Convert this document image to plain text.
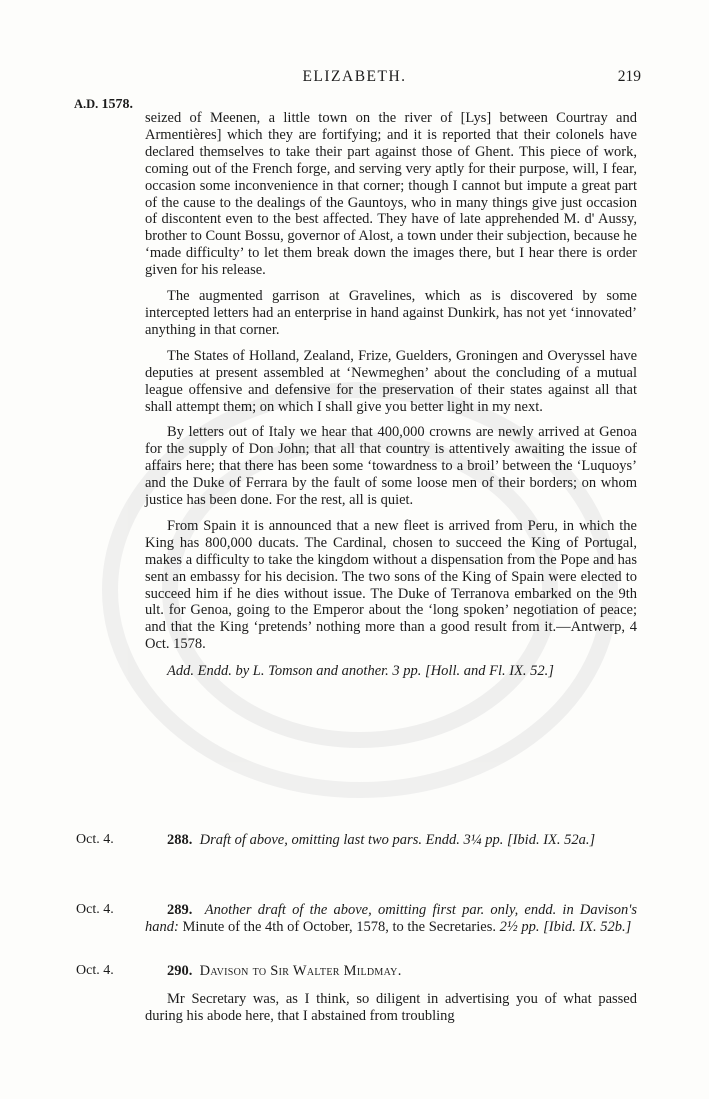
ELIZABETH.	219
A.D. 1578.

seized of Meenen, a little town on the river of [Lys] between Courtray and Armentières] which they are fortifying; and it is reported that their colonels have declared themselves to take their part against those of Ghent. This piece of work, coming out of the French forge, and serving very aptly for their purpose, will, I fear, occasion some inconvenience in that corner; though I cannot but impute a great part of the cause to the dealings of the Gauntoys, who in many things give just occasion of discontent even to the best affected. They have of late apprehended M. d' Aussy, brother to Count Bossu, governor of Alost, a town under their subjection, because he ‘made difficulty’ to let them break down the images there, but I hear there is order given for his release.

The augmented garrison at Gravelines, which as is discovered by some intercepted letters had an enterprise in hand against Dunkirk, has not yet ‘innovated’ anything in that corner.

The States of Holland, Zealand, Frize, Guelders, Groningen and Overyssel have deputies at present assembled at ‘Newmeghen’ about the concluding of a mutual league offensive and defensive for the preservation of their states against all that shall attempt them; on which I shall give you better light in my next.

By letters out of Italy we hear that 400,000 crowns are newly arrived at Genoa for the supply of Don John; that all that country is attentively awaiting the issue of affairs here; that there has been some ‘towardness to a broil’ between the ‘Luquoys’ and the Duke of Ferrara by the fault of some loose men of their borders; on whom justice has been done. For the rest, all is quiet.

From Spain it is announced that a new fleet is arrived from Peru, in which the King has 800,000 ducats. The Cardinal, chosen to succeed the King of Portugal, makes a difficulty to take the kingdom without a dispensation from the Pope and has sent an embassy for his decision. The two sons of the King of Spain were elected to succeed him if he dies without issue. The Duke of Terranova embarked on the 9th ult. for Genoa, going to the Emperor about the ‘long spoken’ negotiation of peace; and that the King ‘pretends’ nothing more than a good result from it.—Antwerp, 4 Oct. 1578.

Add. Endd. by L. Tomson and another. 3 pp. [Holl. and Fl. IX. 52.]

Oct. 4.	288. Draft of above, omitting last two pars. Endd. 3¼ pp. [Ibid. IX. 52a.]

Oct. 4.	289. Another draft of the above, omitting first par. only, endd. in Davison's hand: Minute of the 4th of October, 1578, to the Secretaries. 2½ pp. [Ibid. IX. 52b.]

Oct. 4.	290. Davison to Sir Walter Mildmay.

Mr Secretary was, as I think, so diligent in advertising you of what passed during his abode here, that I abstained from troubling
